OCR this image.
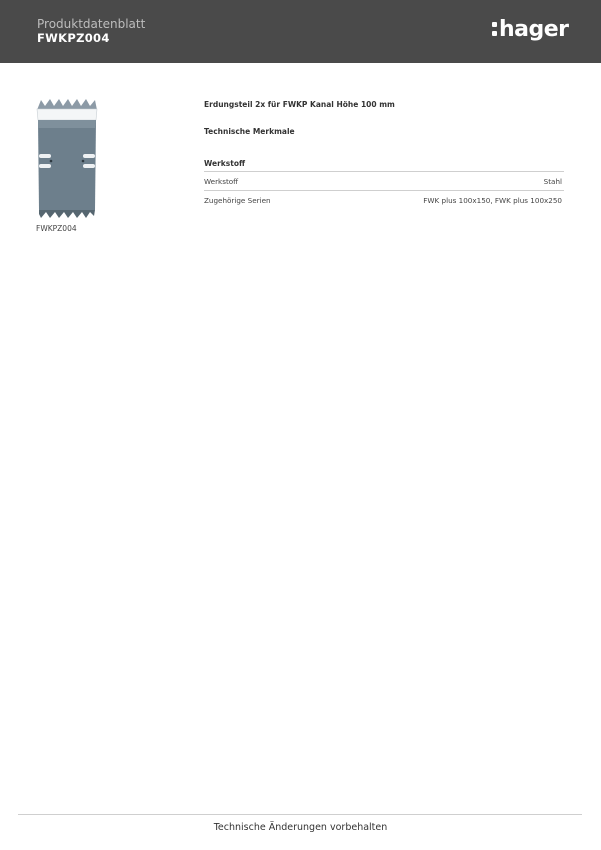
Produktdatenblatt
FWKPZ004	hager
FWKPZ004
Erdungsteil 2x für FWKP Kanal Höhe 100 mm
Technische Merkmale
Werkstoff
Werkstoff	Stahl
Zugehörige Serien	FWK plus 100x150, FWK plus 100x250
Technische Änderungen vorbehalten
